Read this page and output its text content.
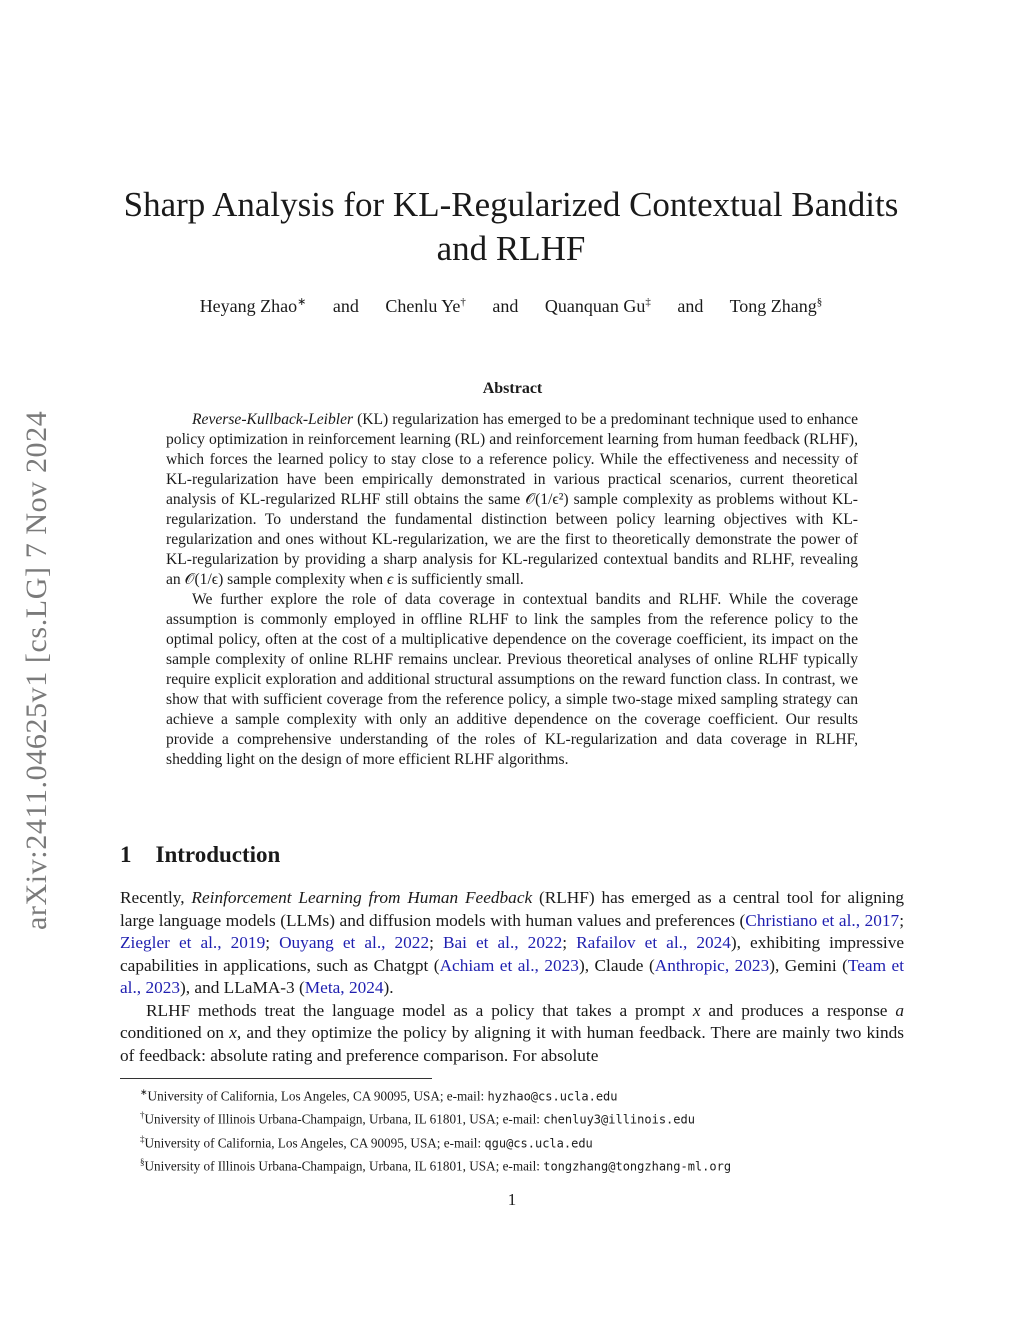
arXiv:2411.04625v1 [cs.LG] 7 Nov 2024
Sharp Analysis for KL-Regularized Contextual Bandits
and RLHF
Heyang Zhao∗ and Chenlu Ye† and Quanquan Gu‡ and Tong Zhang§
Abstract

Reverse-Kullback-Leibler (KL) regularization has emerged to be a predominant technique used to enhance policy optimization in reinforcement learning (RL) and reinforcement learning from human feedback (RLHF), which forces the learned policy to stay close to a reference policy. While the effectiveness and necessity of KL-regularization have been empirically demonstrated in various practical scenarios, current theoretical analysis of KL-regularized RLHF still obtains the same 𝒪(1/ϵ²) sample complexity as problems without KL-regularization. To understand the fundamental distinction between policy learning objectives with KL-regularization and ones without KL-regularization, we are the first to theoretically demonstrate the power of KL-regularization by providing a sharp analysis for KL-regularized contextual bandits and RLHF, revealing an 𝒪(1/ϵ) sample complexity when ϵ is sufficiently small.

We further explore the role of data coverage in contextual bandits and RLHF. While the coverage assumption is commonly employed in offline RLHF to link the samples from the reference policy to the optimal policy, often at the cost of a multiplicative dependence on the coverage coefficient, its impact on the sample complexity of online RLHF remains unclear. Previous theoretical analyses of online RLHF typically require explicit exploration and additional structural assumptions on the reward function class. In contrast, we show that with sufficient coverage from the reference policy, a simple two-stage mixed sampling strategy can achieve a sample complexity with only an additive dependence on the coverage coefficient. Our results provide a comprehensive understanding of the roles of KL-regularization and data coverage in RLHF, shedding light on the design of more efficient RLHF algorithms.

1 Introduction

Recently, Reinforcement Learning from Human Feedback (RLHF) has emerged as a central tool for aligning large language models (LLMs) and diffusion models with human values and preferences (Christiano et al., 2017; Ziegler et al., 2019; Ouyang et al., 2022; Bai et al., 2022; Rafailov et al., 2024), exhibiting impressive capabilities in applications, such as Chatgpt (Achiam et al., 2023), Claude (Anthropic, 2023), Gemini (Team et al., 2023), and LLaMA-3 (Meta, 2024).

RLHF methods treat the language model as a policy that takes a prompt x and produces a response a conditioned on x, and they optimize the policy by aligning it with human feedback. There are mainly two kinds of feedback: absolute rating and preference comparison. For absolute

∗University of California, Los Angeles, CA 90095, USA; e-mail: hyzhao@cs.ucla.edu
†University of Illinois Urbana-Champaign, Urbana, IL 61801, USA; e-mail: chenluy3@illinois.edu
‡University of California, Los Angeles, CA 90095, USA; e-mail: qgu@cs.ucla.edu
§University of Illinois Urbana-Champaign, Urbana, IL 61801, USA; e-mail: tongzhang@tongzhang-ml.org
1
